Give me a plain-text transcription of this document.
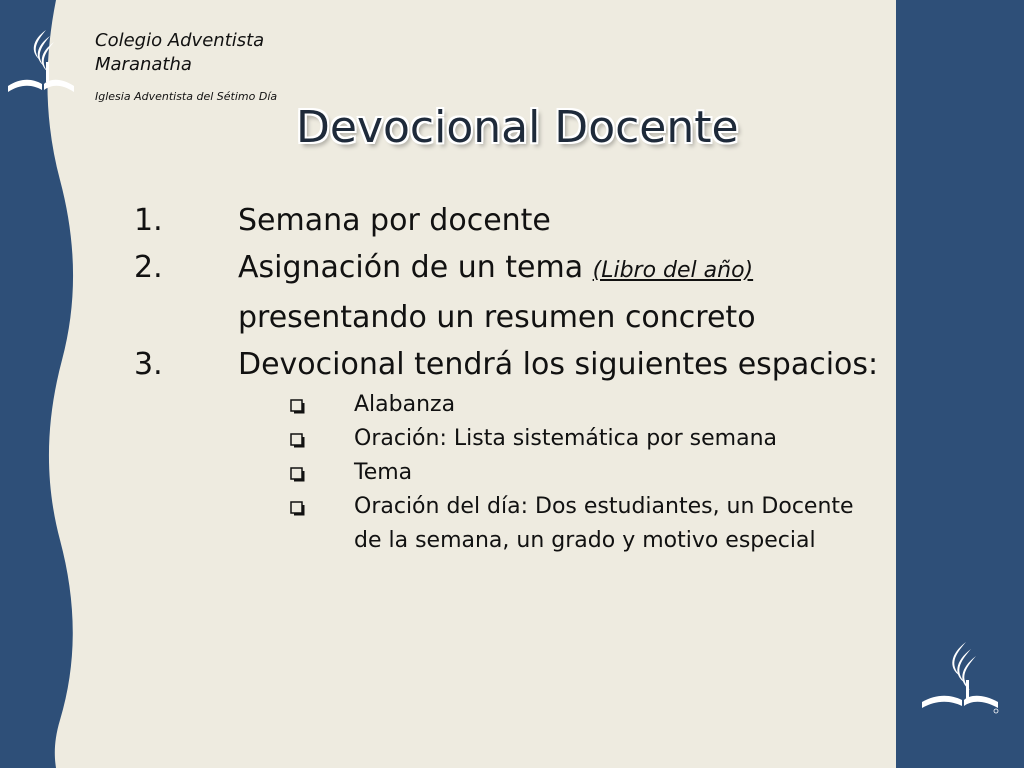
Colegio Adventista
Maranatha
Iglesia Adventista del Sétimo Día
Devocional Docente
1.	Semana por docente
2.	Asignación de un tema (Libro del año) presentando un resumen concreto
3.	Devocional tendrá los siguientes espacios:
Alabanza
Oración: Lista sistemática por semana
Tema
Oración del día: Dos estudiantes, un Docente de la semana, un grado y motivo especial
